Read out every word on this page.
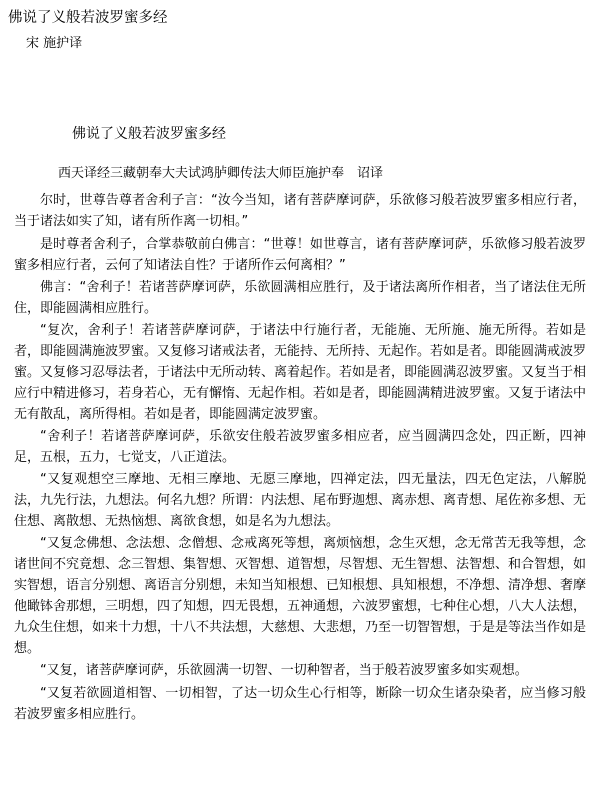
佛说了义般若波罗蜜多经
宋 施护译
佛说了义般若波罗蜜多经
西天译经三藏朝奉大夫试鸿胪卿传法大师臣施护奉　诏译

尔时，世尊告尊者舍利子言：“汝今当知，诸有菩萨摩诃萨，乐欲修习般若波罗蜜多相应行者，当于诸法如实了知，诸有所作离一切相。”

是时尊者舍利子，合掌恭敬前白佛言：“世尊！如世尊言，诸有菩萨摩诃萨，乐欲修习般若波罗蜜多相应行者，云何了知诸法自性？于诸所作云何离相？”

佛言：“舍利子！若诸菩萨摩诃萨，乐欲圆满相应胜行，及于诸法离所作相者，当了诸法住无所住，即能圆满相应胜行。

“复次，舍利子！若诸菩萨摩诃萨，于诸法中行施行者，无能施、无所施、施无所得。若如是者，即能圆满施波罗蜜。又复修习诸戒法者，无能持、无所持、无起作。若如是者。即能圆满戒波罗蜜。又复修习忍辱法者，于诸法中无所动转、离着起作。若如是者，即能圆满忍波罗蜜。又复当于相应行中精进修习，若身若心，无有懈惰、无起作相。若如是者，即能圆满精进波罗蜜。又复于诸法中无有散乱，离所得相。若如是者，即能圆满定波罗蜜。

“舍利子！若诸菩萨摩诃萨，乐欲安住般若波罗蜜多相应者，应当圆满四念处，四正断，四神足，五根，五力，七觉支，八正道法。

“又复观想空三摩地、无相三摩地、无愿三摩地，四禅定法，四无量法，四无色定法，八解脱法，九先行法，九想法。何名九想？所谓：内法想、尾布野迦想、离赤想、离青想、尾佐祢多想、无住想、离散想、无热恼想、离欲食想，如是名为九想法。

“又复念佛想、念法想、念僧想、念戒离死等想，离烦恼想，念生灭想，念无常苦无我等想，念诸世间不究竟想、念三智想、集智想、灭智想、道智想，尽智想、无生智想、法智想、和合智想，如实智想，语言分别想、离语言分别想，未知当知根想、已知根想、具知根想，不净想、清净想、奢摩他瞰钵舍那想，三明想，四了知想，四无畏想，五神通想，六波罗蜜想，七种住心想，八大人法想，九众生住想，如来十力想，十八不共法想，大慈想、大悲想，乃至一切智智想，于是是等法当作如是想。

“又复，诸菩萨摩诃萨，乐欲圆满一切智、一切种智者，当于般若波罗蜜多如实观想。

“又复若欲圆道相智、一切相智，了达一切众生心行相等，断除一切众生诸杂染者，应当修习般若波罗蜜多相应胜行。
